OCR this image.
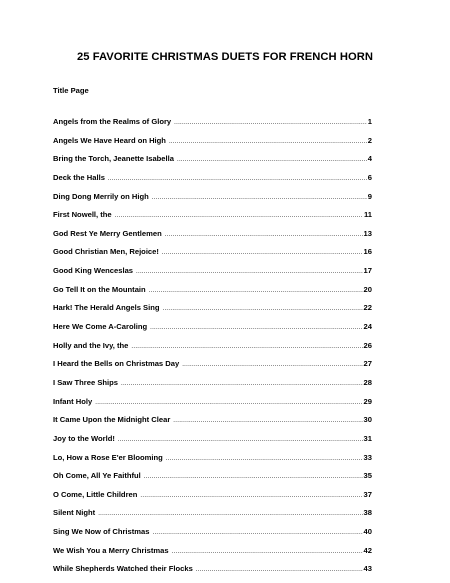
25 FAVORITE CHRISTMAS DUETS FOR FRENCH HORN
Title Page
Angels from the Realms of Glory .....	1
Angels We Have Heard on High .....	2
Bring the Torch, Jeanette Isabella .....	4
Deck the Halls .....	6
Ding Dong Merrily on High .....	9
First Nowell, the .....	11
God Rest Ye Merry Gentlemen .....	13
Good Christian Men, Rejoice! .....	16
Good King Wenceslas .....	17
Go Tell It on the Mountain .....	20
Hark! The Herald Angels Sing .....	22
Here We Come A-Caroling .....	24
Holly and the Ivy, the .....	26
I Heard the Bells on Christmas Day .....	27
I Saw Three Ships .....	28
Infant Holy .....	29
It Came Upon the Midnight Clear .....	30
Joy to the World! .....	31
Lo, How a Rose E'er Blooming .....	33
Oh Come, All Ye Faithful .....	35
O Come, Little Children .....	37
Silent Night .....	38
Sing We Now of Christmas .....	40
We Wish You a Merry Christmas .....	42
While Shepherds Watched their Flocks .....	43
